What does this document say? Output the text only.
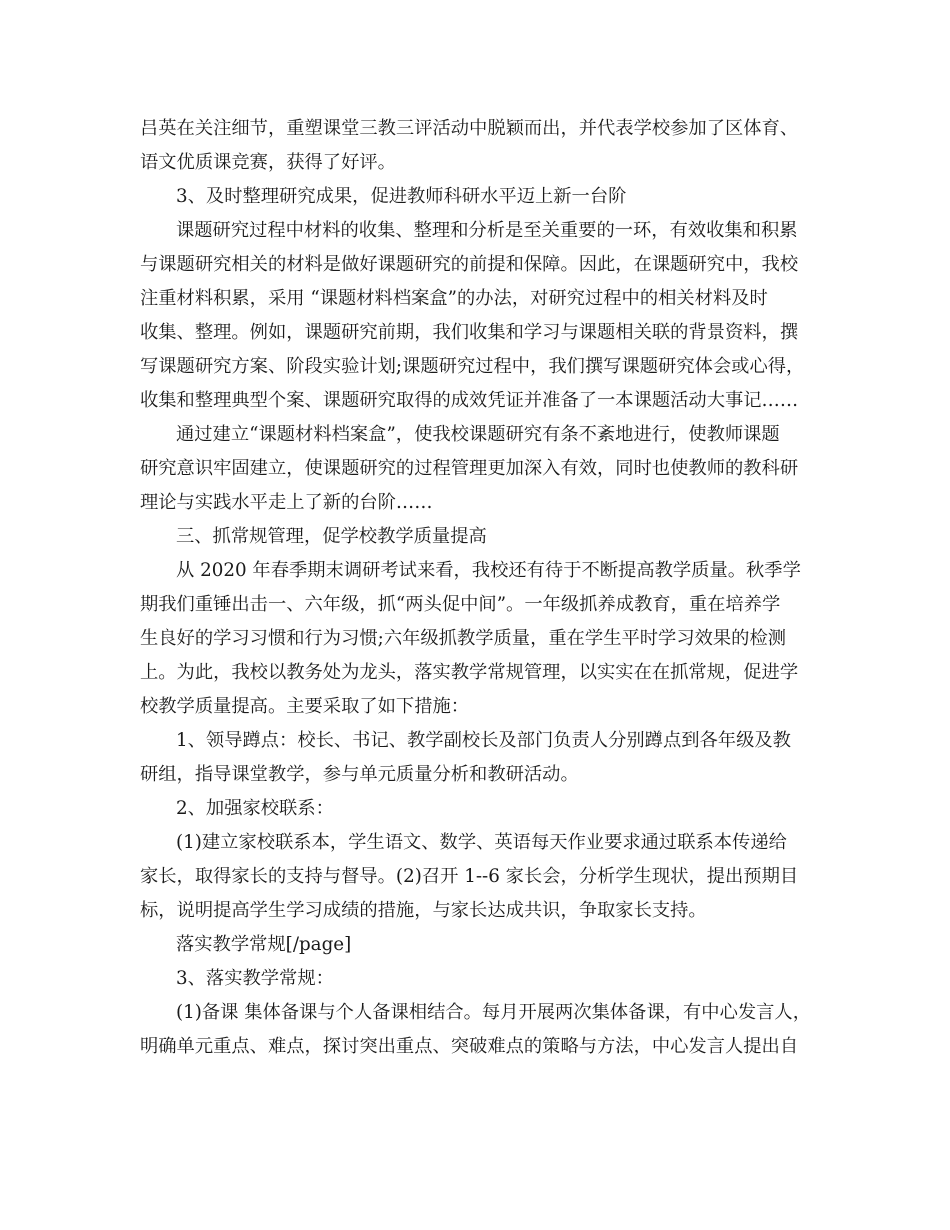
吕英在关注细节，重塑课堂三教三评活动中脱颖而出，并代表学校参加了区体育、
语文优质课竞赛，获得了好评。
3、及时整理研究成果，促进教师科研水平迈上新一台阶
课题研究过程中材料的收集、整理和分析是至关重要的一环，有效收集和积累
与课题研究相关的材料是做好课题研究的前提和保障。因此，在课题研究中，我校
注重材料积累，采用 “课题材料档案盒”的办法，对研究过程中的相关材料及时
收集、整理。例如，课题研究前期，我们收集和学习与课题相关联的背景资料，撰
写课题研究方案、阶段实验计划;课题研究过程中，我们撰写课题研究体会或心得，
收集和整理典型个案、课题研究取得的成效凭证并准备了一本课题活动大事记……
通过建立“课题材料档案盒”，使我校课题研究有条不紊地进行，使教师课题
研究意识牢固建立，使课题研究的过程管理更加深入有效，同时也使教师的教科研
理论与实践水平走上了新的台阶……
三、抓常规管理，促学校教学质量提高
从 2020 年春季期末调研考试来看，我校还有待于不断提高教学质量。秋季学
期我们重锤出击一、六年级，抓“两头促中间”。一年级抓养成教育，重在培养学
生良好的学习习惯和行为习惯;六年级抓教学质量，重在学生平时学习效果的检测
上。为此，我校以教务处为龙头，落实教学常规管理，以实实在在抓常规，促进学
校教学质量提高。主要采取了如下措施：
1、领导蹲点：校长、书记、教学副校长及部门负责人分别蹲点到各年级及教
研组，指导课堂教学，参与单元质量分析和教研活动。
2、加强家校联系：
(1)建立家校联系本，学生语文、数学、英语每天作业要求通过联系本传递给
家长，取得家长的支持与督导。(2)召开 1--6 家长会，分析学生现状，提出预期目
标，说明提高学生学习成绩的措施，与家长达成共识，争取家长支持。
落实教学常规[/page]
3、落实教学常规：
(1)备课 集体备课与个人备课相结合。每月开展两次集体备课，有中心发言人，
明确单元重点、难点，探讨突出重点、突破难点的策略与方法，中心发言人提出自
